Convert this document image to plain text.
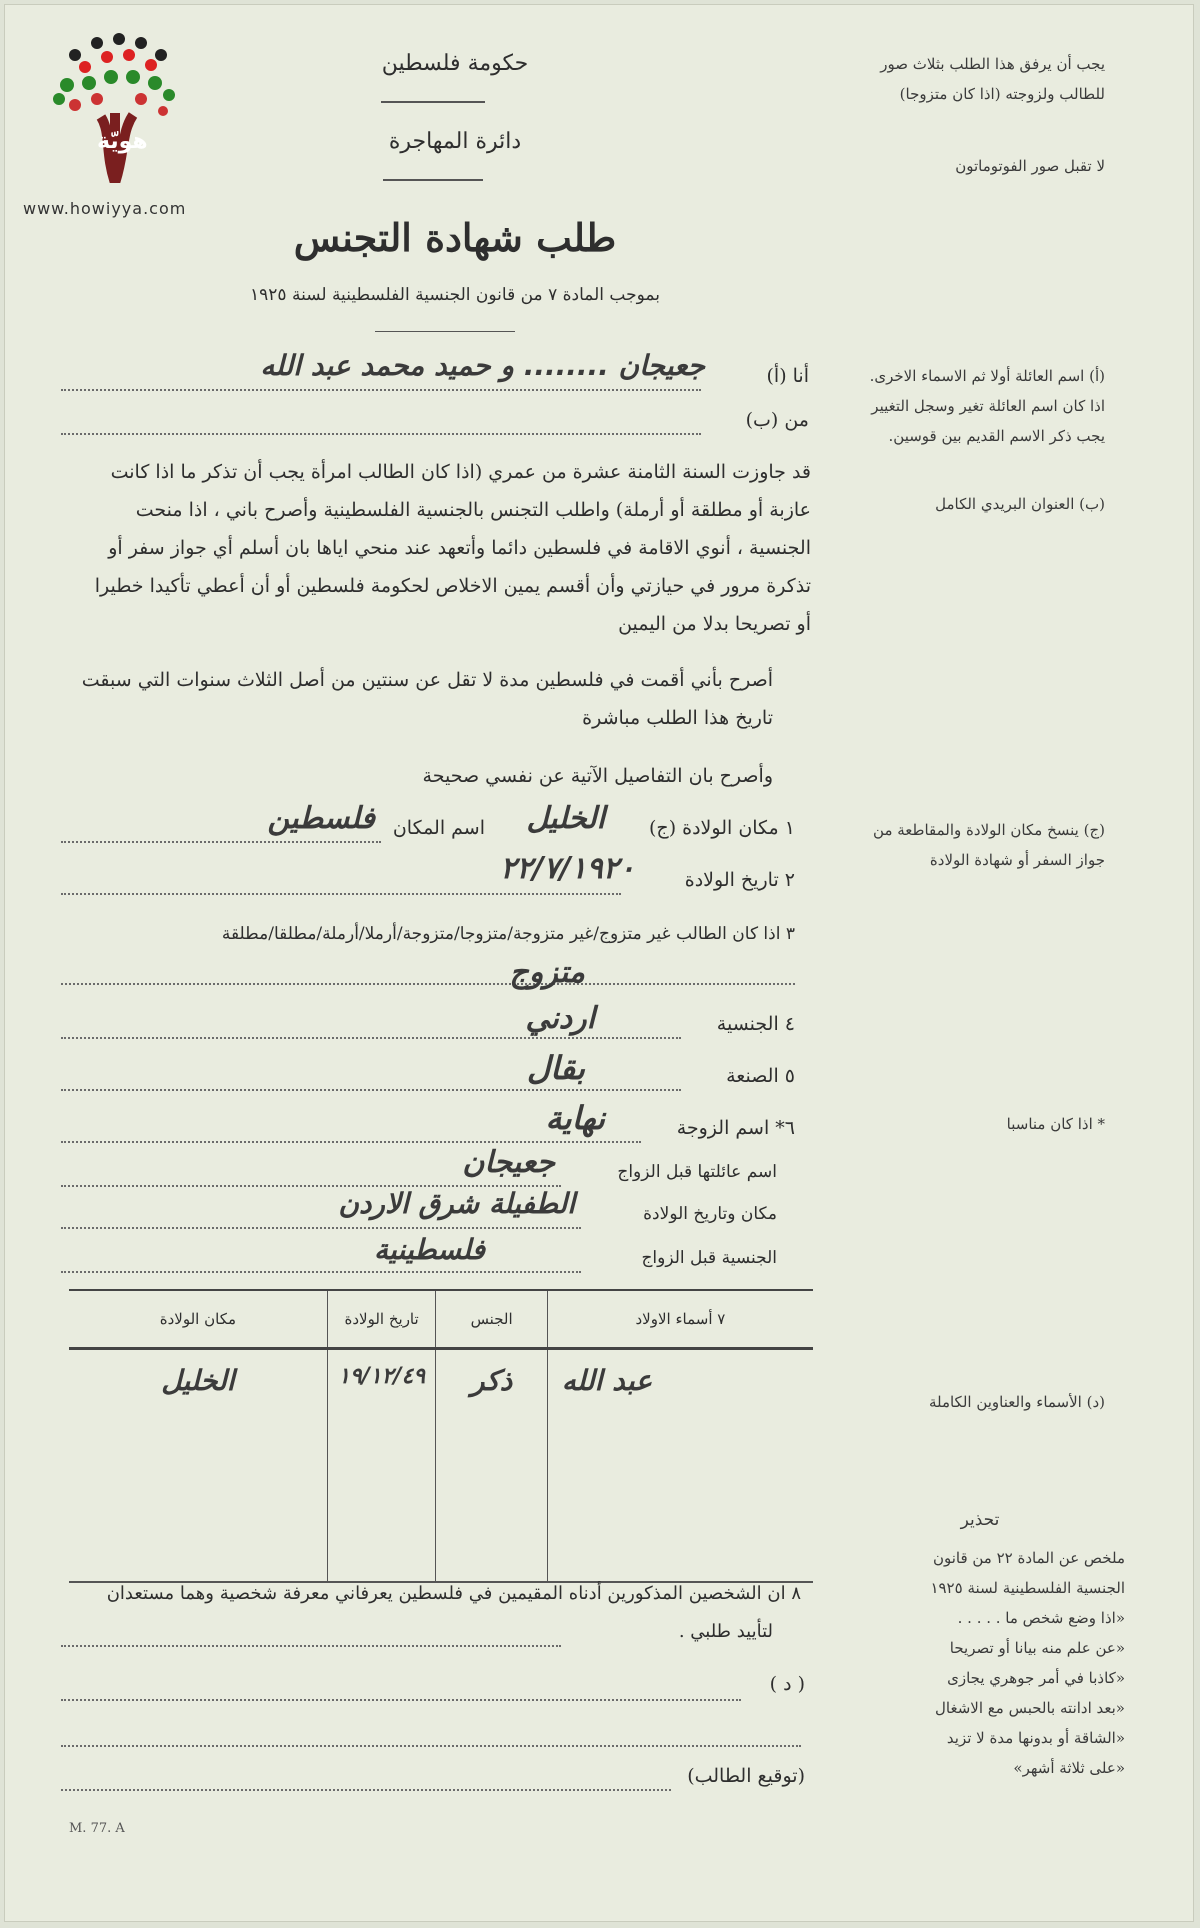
هويّة
www.howiyya.com
حكومة فلسطين
دائرة المهاجرة
طلب شهادة التجنس
بموجب المادة ٧ من قانون الجنسية الفلسطينية لسنة ١٩٢٥
يجب أن يرفق هذا الطلب بثلاث صور للطالب ولزوجته (اذا كان متزوجا)
لا تقبل صور الفوتوماتون
(أ) اسم العائلة أولا ثم الاسماء الاخرى. اذا كان اسم العائلة تغير وسجل التغيير يجب ذكر الاسم القديم بين قوسين.
(ب) العنوان البريدي الكامل
(ج) ينسخ مكان الولادة والمقاطعة من جواز السفر أو شهادة الولادة
* اذا كان مناسبا
(د) الأسماء والعناوين الكاملة
تحذير
ملخص عن المادة ٢٢ من قانون
الجنسية الفلسطينية لسنة ١٩٢٥
«اذا وضع شخص ما . . . . .
«عن علم منه بيانا أو تصريحا
«كاذبا في أمر جوهري يجازى
«بعد ادانته بالحبس مع الاشغال
«الشاقة أو بدونها مدة لا تزيد
«على ثلاثة أشهر»
أنا (أ)
جعيجان ........ و حميد محمد عبد الله
من (ب)
قد جاوزت السنة الثامنة عشرة من عمري (اذا كان الطالب امرأة يجب أن تذكر ما اذا كانت
عازبة أو مطلقة أو أرملة) واطلب التجنس بالجنسية الفلسطينية وأصرح باني ، اذا منحت
الجنسية ، أنوي الاقامة في فلسطين دائما وأتعهد عند منحي اياها بان أسلم أي جواز سفر أو
تذكرة مرور في حيازتي وأن أقسم يمين الاخلاص لحكومة فلسطين أو أن أعطي تأكيدا خطيرا
أو تصريحا بدلا من اليمين
أصرح بأني أقمت في فلسطين مدة لا تقل عن سنتين من أصل الثلاث سنوات التي سبقت
تاريخ هذا الطلب مباشرة
وأصرح بان التفاصيل الآتية عن نفسي صحيحة
١ مكان الولادة (ج)
الخليل
اسم المكان
فلسطين
٢ تاريخ الولادة
٢٢/٧/١٩٢٠
٣ اذا كان الطالب غير متزوج/غير متزوجة/متزوجا/متزوجة/أرملا/أرملة/مطلقا/مطلقة
متزوج
٤ الجنسية
اردني
٥ الصنعة
بقال
٦* اسم الزوجة
نهاية
اسم عائلتها قبل الزواج
جعيجان
مكان وتاريخ الولادة
الطفيلة شرق الاردن
الجنسية قبل الزواج
فلسطينية
٧ أسماء الاولاد	الجنس	تاريخ الولادة	مكان الولادة
عبد الله	ذكر	١٩/١٢/٤٩	الخليل
٨ ان الشخصين المذكورين أدناه المقيمين في فلسطين يعرفاني معرفة شخصية وهما مستعدان
لتأييد طلبي .
( د )
(توقيع الطالب)
M. 77. A
